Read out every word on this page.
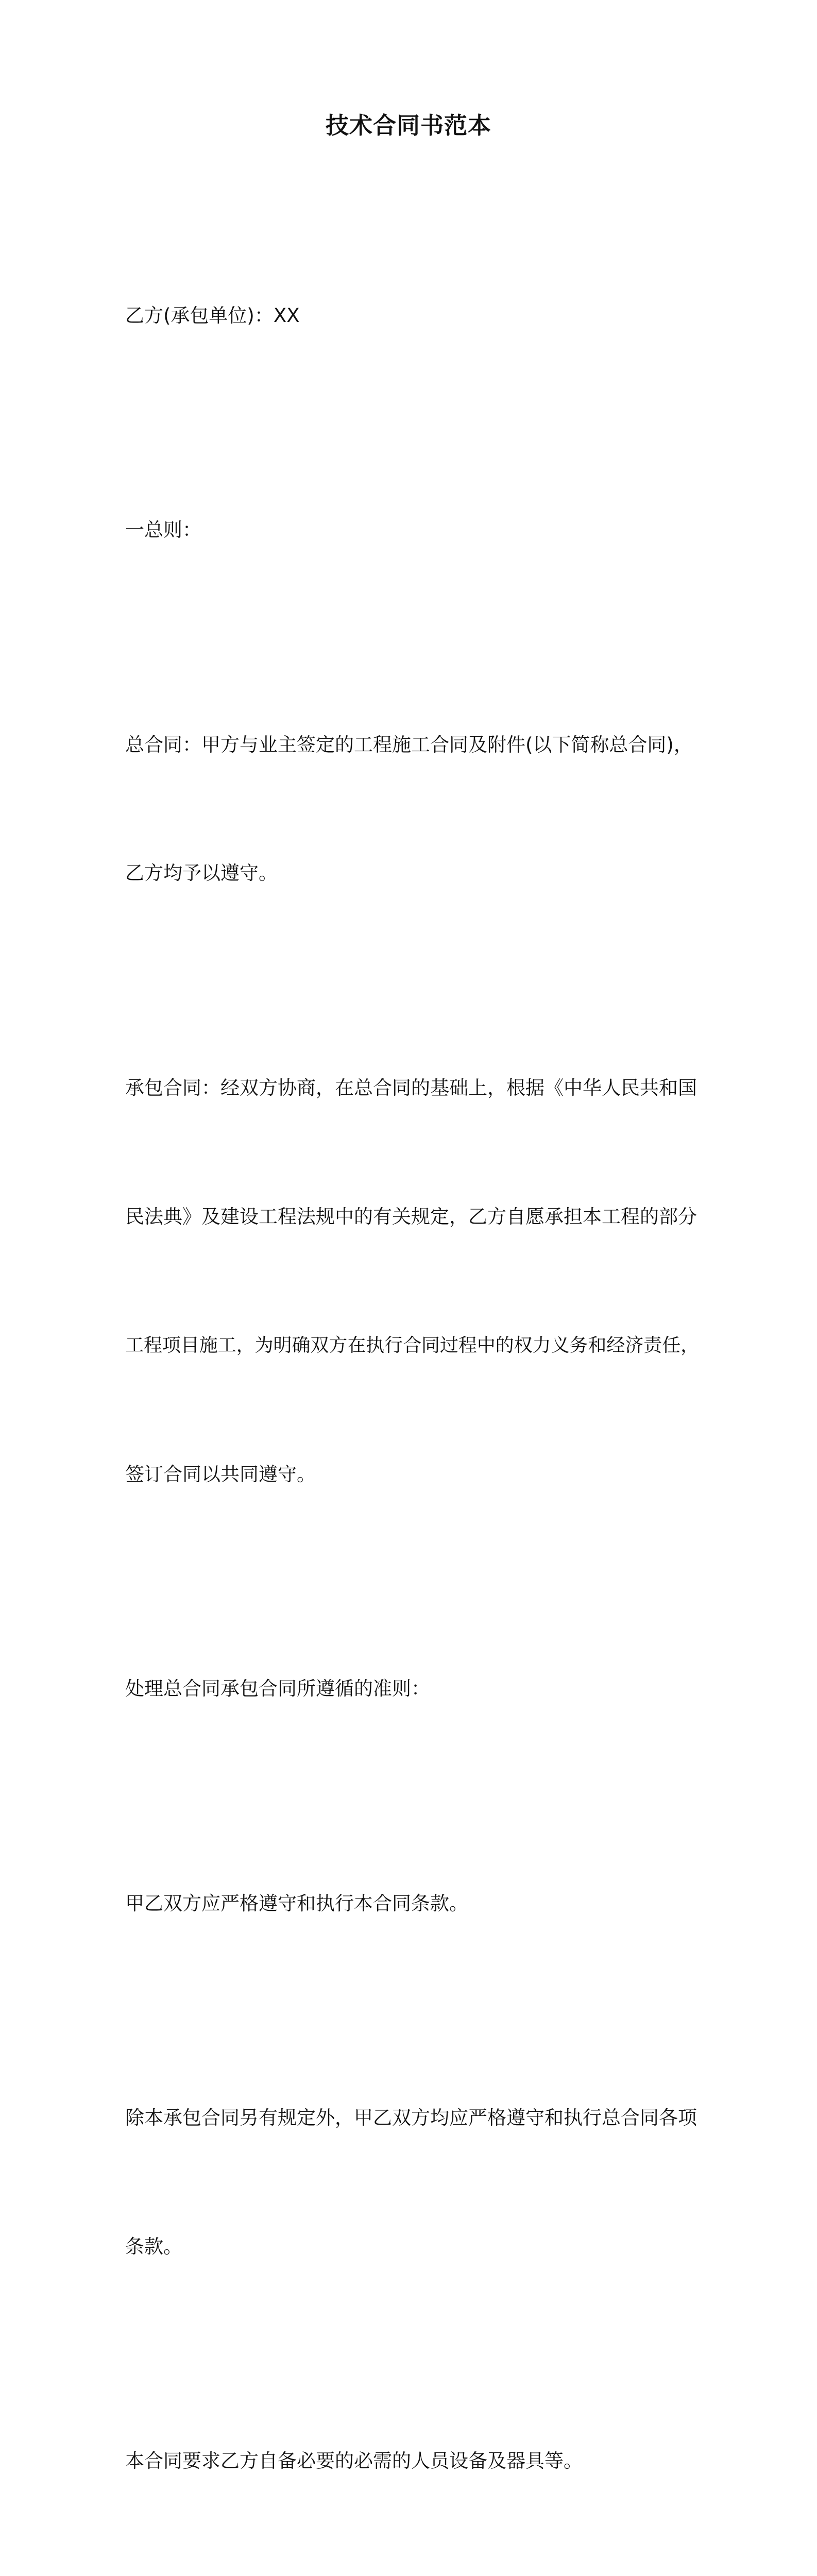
技术合同书范本

乙方(承包单位)：XX

一总则：

总合同：甲方与业主签定的工程施工合同及附件(以下简称总合同)，

乙方均予以遵守。

承包合同：经双方协商，在总合同的基础上，根据《中华人民共和国

民法典》及建设工程法规中的有关规定，乙方自愿承担本工程的部分

工程项目施工，为明确双方在执行合同过程中的权力义务和经济责任，

签订合同以共同遵守。

处理总合同承包合同所遵循的准则：

甲乙双方应严格遵守和执行本合同条款。

除本承包合同另有规定外，甲乙双方均应严格遵守和执行总合同各项

条款。

本合同要求乙方自备必要的必需的人员设备及器具等。
